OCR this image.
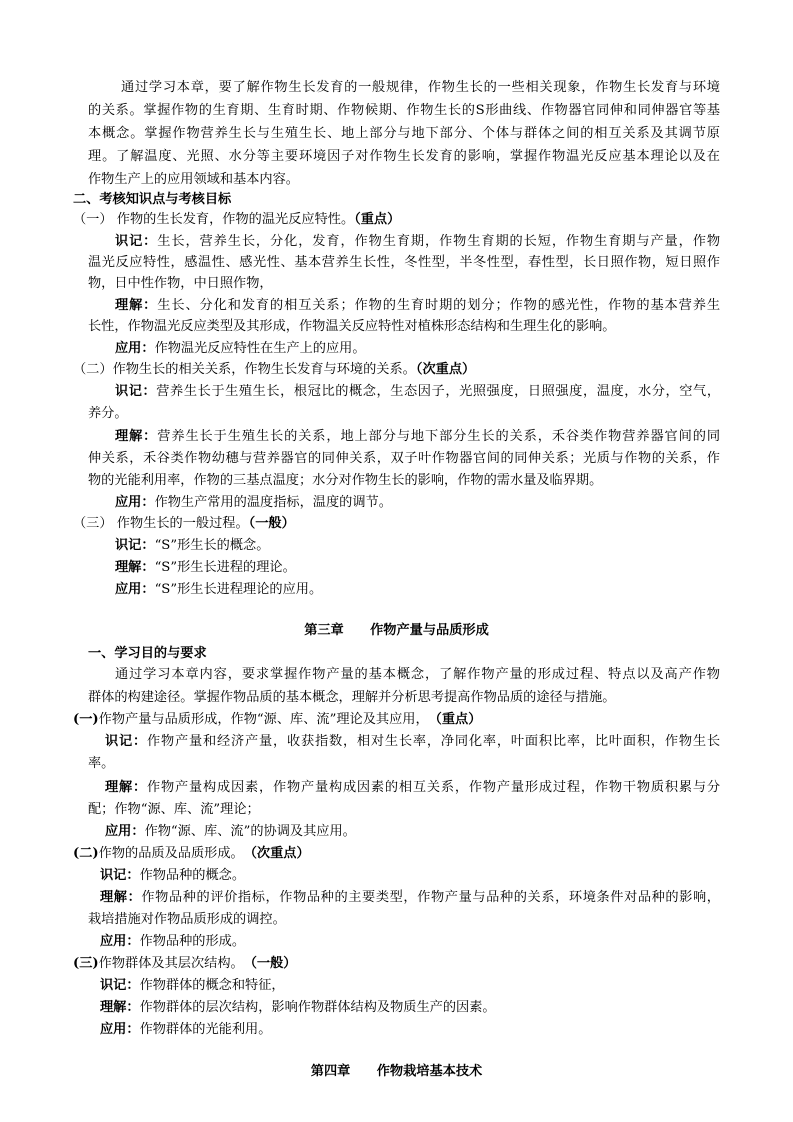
通过学习本章，要了解作物生长发育的一般规律，作物生长的一些相关现象，作物生长发育与环境
的关系。掌握作物的生育期、生育时期、作物候期、作物生长的S形曲线、作物器官同伸和同伸器官等基
本概念。掌握作物营养生长与生殖生长、地上部分与地下部分、个体与群体之间的相互关系及其调节原
理。了解温度、光照、水分等主要环境因子对作物生长发育的影响，掌握作物温光反应基本理论以及在
作物生产上的应用领域和基本内容。
二、考核知识点与考核目标
（一） 作物的生长发育，作物的温光反应特性。（重点）
识记：生长，营养生长，分化，发育，作物生育期，作物生育期的长短，作物生育期与产量，作物
温光反应特性，感温性、感光性、基本营养生长性，冬性型，半冬性型，春性型，长日照作物，短日照作
物，日中性作物，中日照作物，
理解：生长、分化和发育的相互关系；作物的生育时期的划分；作物的感光性，作物的基本营养生
长性，作物温光反应类型及其形成，作物温关反应特性对植株形态结构和生理生化的影响。
应用：作物温光反应特性在生产上的应用。
（二）作物生长的相关关系，作物生长发育与环境的关系。（次重点）
识记：营养生长于生殖生长，根冠比的概念，生态因子，光照强度，日照强度，温度，水分，空气，
养分。
理解：营养生长于生殖生长的关系，地上部分与地下部分生长的关系，禾谷类作物营养器官间的同
伸关系，禾谷类作物幼穗与营养器官的同伸关系，双子叶作物器官间的同伸关系；光质与作物的关系，作
物的光能利用率，作物的三基点温度；水分对作物生长的影响，作物的需水量及临界期。
应用：作物生产常用的温度指标，温度的调节。
（三） 作物生长的一般过程。（一般）
识记：“S”形生长的概念。
理解：“S”形生长进程的理论。
应用：“S”形生长进程理论的应用。
第三章　　作物产量与品质形成
一、学习目的与要求
通过学习本章内容，要求掌握作物产量的基本概念，了解作物产量的形成过程、特点以及高产作物
群体的构建途径。掌握作物品质的基本概念，理解并分析思考提高作物品质的途径与措施。
(一)作物产量与品质形成，作物“源、库、流”理论及其应用，　（重点）
识记：作物产量和经济产量，收获指数，相对生长率，净同化率，叶面积比率，比叶面积，作物生长
率。
理解：作物产量构成因素，作物产量构成因素的相互关系，作物产量形成过程，作物干物质积累与分
配；作物“源、库、流”理论；
应用：作物“源、库、流”的协调及其应用。
(二)作物的品质及品质形成。　（次重点）
识记：作物品种的概念。
理解：作物品种的评价指标，作物品种的主要类型，作物产量与品种的关系，环境条件对品种的影响，
栽培措施对作物品质形成的调控。
应用：作物品种的形成。
(三)作物群体及其层次结构。　（一般）
识记：作物群体的概念和特征，
理解：作物群体的层次结构，影响作物群体结构及物质生产的因素。
应用：作物群体的光能利用。
第四章　　作物栽培基本技术
